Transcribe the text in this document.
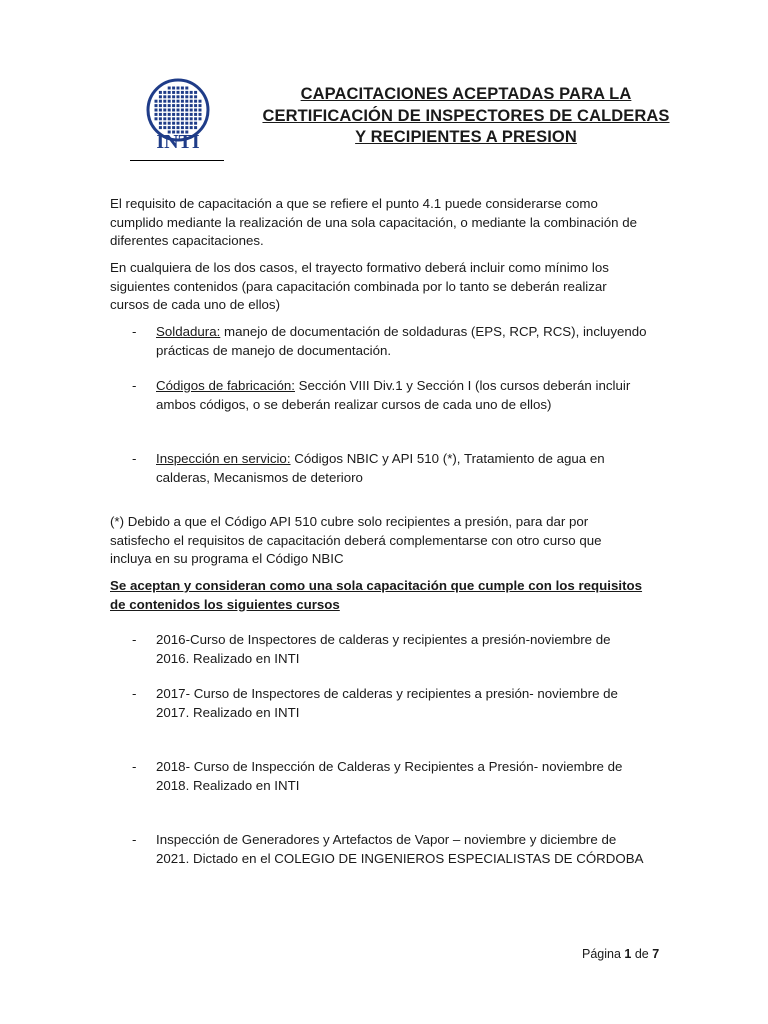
INTI
CAPACITACIONES ACEPTADAS PARA LA
CERTIFICACIÓN DE INSPECTORES DE CALDERAS
Y RECIPIENTES A PRESION
El requisito de capacitación a que se refiere el punto 4.1 puede considerarse como
cumplido mediante la realización de una sola capacitación, o mediante la combinación de
diferentes capacitaciones.
En cualquiera de los dos casos, el trayecto formativo deberá incluir como mínimo los
siguientes contenidos (para capacitación combinada por lo tanto se deberán realizar
cursos de cada uno de ellos)
- Soldadura: manejo de documentación de soldaduras (EPS, RCP, RCS), incluyendo
prácticas de manejo de documentación.
- Códigos de fabricación: Sección VIII Div.1 y Sección I (los cursos deberán incluir
ambos códigos, o se deberán realizar cursos de cada uno de ellos)
- Inspección en servicio: Códigos NBIC y API 510 (*), Tratamiento de agua en
calderas, Mecanismos de deterioro
(*) Debido a que el Código API 510 cubre solo recipientes a presión, para dar por
satisfecho el requisitos de capacitación deberá complementarse con otro curso que
incluya en su programa el Código NBIC
Se aceptan y consideran como una sola capacitación que cumple con los requisitos
de contenidos los siguientes cursos
- 2016-Curso de Inspectores de calderas y recipientes a presión-noviembre de
2016. Realizado en INTI
- 2017- Curso de Inspectores de calderas y recipientes a presión- noviembre de
2017. Realizado en INTI
- 2018- Curso de Inspección de Calderas y Recipientes a Presión- noviembre de
2018. Realizado en INTI
- Inspección de Generadores y Artefactos de Vapor – noviembre y diciembre de
2021. Dictado en el COLEGIO DE INGENIEROS ESPECIALISTAS DE CÓRDOBA
Página 1 de 7
